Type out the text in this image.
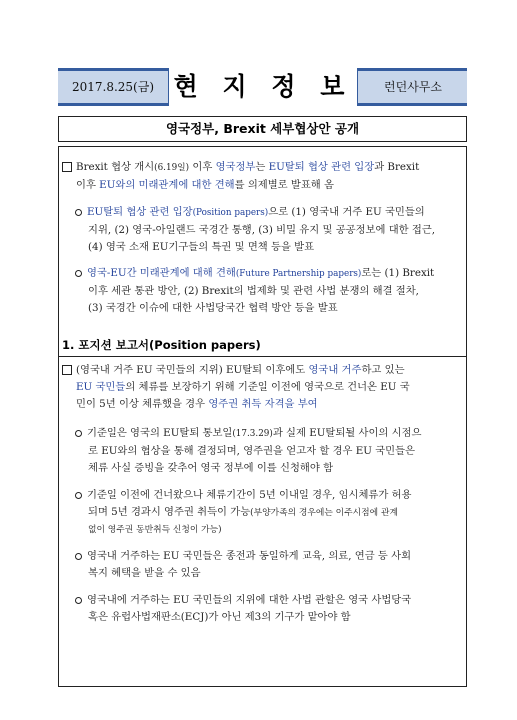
2017.8.25(금) 현 지 정 보	런던사무소
영국정부, Brexit 세부협상안 공개

Brexit 협상 개시(6.19일) 이후 영국정부는 EU탈퇴 협상 관련 입장과 Brexit

이후 EU와의 미래관계에 대한 견해를 의제별로 발표해 옴

EU탈퇴 협상 관련 입장(Position papers)으로 (1) 영국내 거주 EU 국민들의

지위, (2) 영국-아일랜드 국경간 통행, (3) 비밀 유지 및 공공정보에 대한 접근,

(4) 영국 소재 EU기구들의 특권 및 면책 등을 발표

영국-EU간 미래관계에 대해 견해(Future Partnership papers)로는 (1) Brexit

이후 세관 통관 방안, (2) Brexit의 법제화 및 관련 사법 분쟁의 해결 절차,

(3) 국경간 이슈에 대한 사법당국간 협력 방안 등을 발표

1. 포지션 보고서(Position papers)

(영국내 거주 EU 국민들의 지위) EU탈퇴 이후에도 영국내 거주하고 있는

EU 국민들의 체류를 보장하기 위해 기준일 이전에 영국으로 건너온 EU 국

민이 5년 이상 체류했을 경우 영주권 취득 자격을 부여

기준일은 영국의 EU탈퇴 통보일(17.3.29)과 실제 EU탈퇴될 사이의 시점으

로 EU와의 협상을 통해 결정되며, 영주권을 얻고자 할 경우 EU 국민들은

체류 사실 증빙을 갖추어 영국 정부에 이를 신청해야 함

기준일 이전에 건너왔으나 체류기간이 5년 이내일 경우, 임시체류가 허용

되며 5년 경과시 영주권 취득이 가능(부양가족의 경우에는 이주시점에 관계

없이 영주권 동반취득 신청이 가능)

영국내 거주하는 EU 국민들은 종전과 동일하게 교육, 의료, 연금 등 사회

복지 혜택을 받을 수 있음

영국내에 거주하는 EU 국민들의 지위에 대한 사법 관할은 영국 사법당국

혹은 유럽사법재판소(ECJ)가 아닌 제3의 기구가 맡아야 함
